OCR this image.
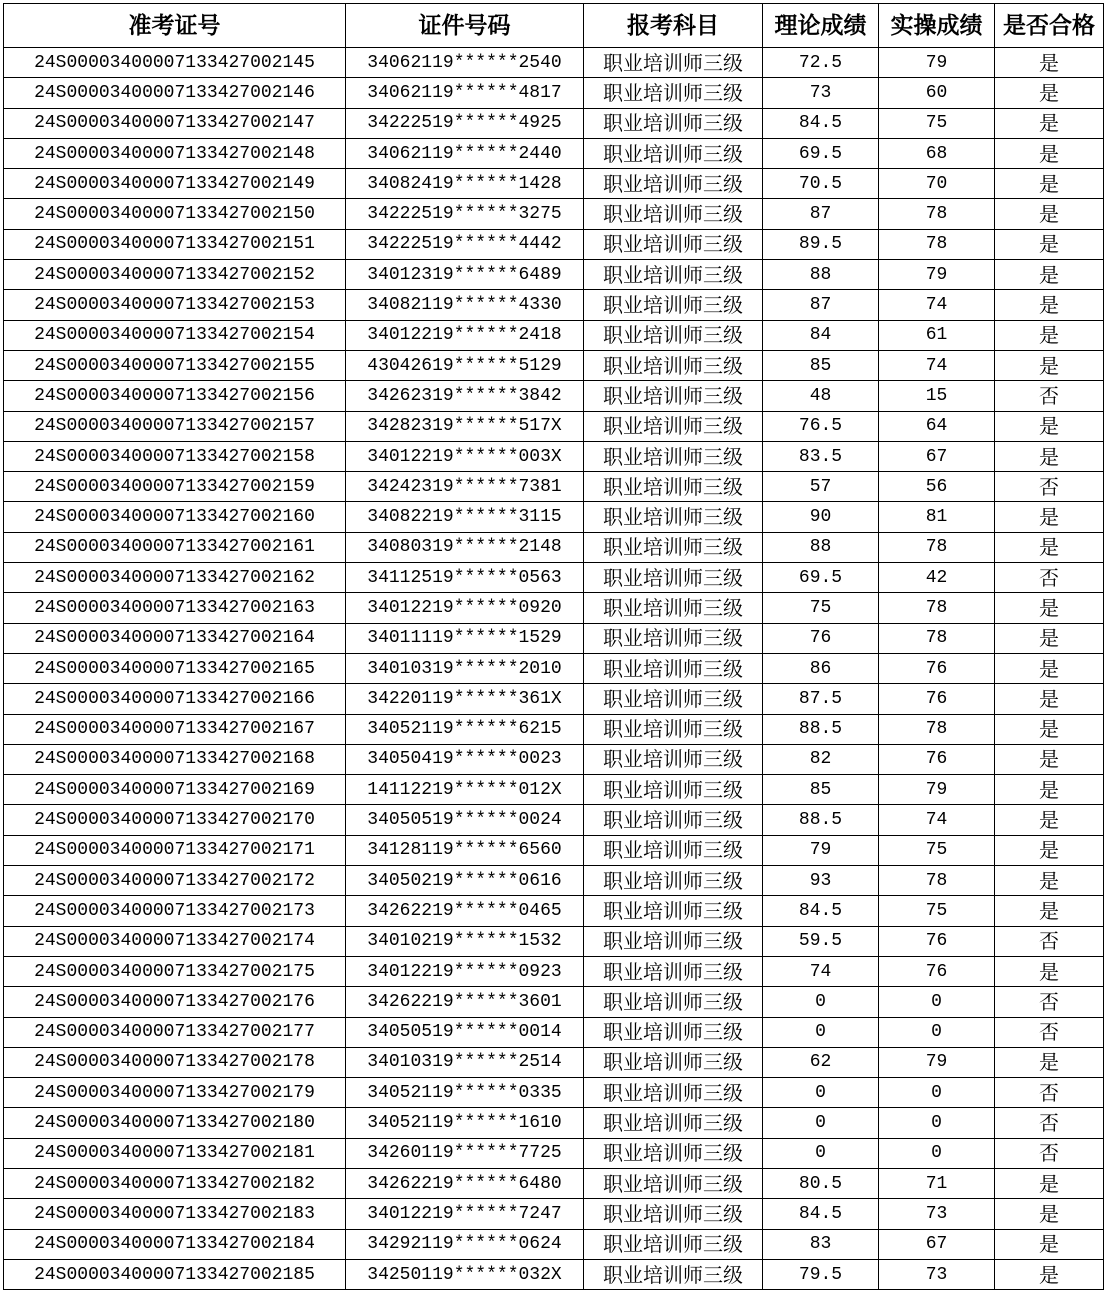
准考证号	证件号码	报考科目	理论成绩	实操成绩	是否合格
24S00003400007133427002145	34062119******2540	职业培训师三级	72.5	79	是
24S00003400007133427002146	34062119******4817	职业培训师三级	73	60	是
24S00003400007133427002147	34222519******4925	职业培训师三级	84.5	75	是
24S00003400007133427002148	34062119******2440	职业培训师三级	69.5	68	是
24S00003400007133427002149	34082419******1428	职业培训师三级	70.5	70	是
24S00003400007133427002150	34222519******3275	职业培训师三级	87	78	是
24S00003400007133427002151	34222519******4442	职业培训师三级	89.5	78	是
24S00003400007133427002152	34012319******6489	职业培训师三级	88	79	是
24S00003400007133427002153	34082119******4330	职业培训师三级	87	74	是
24S00003400007133427002154	34012219******2418	职业培训师三级	84	61	是
24S00003400007133427002155	43042619******5129	职业培训师三级	85	74	是
24S00003400007133427002156	34262319******3842	职业培训师三级	48	15	否
24S00003400007133427002157	34282319******517X	职业培训师三级	76.5	64	是
24S00003400007133427002158	34012219******003X	职业培训师三级	83.5	67	是
24S00003400007133427002159	34242319******7381	职业培训师三级	57	56	否
24S00003400007133427002160	34082219******3115	职业培训师三级	90	81	是
24S00003400007133427002161	34080319******2148	职业培训师三级	88	78	是
24S00003400007133427002162	34112519******0563	职业培训师三级	69.5	42	否
24S00003400007133427002163	34012219******0920	职业培训师三级	75	78	是
24S00003400007133427002164	34011119******1529	职业培训师三级	76	78	是
24S00003400007133427002165	34010319******2010	职业培训师三级	86	76	是
24S00003400007133427002166	34220119******361X	职业培训师三级	87.5	76	是
24S00003400007133427002167	34052119******6215	职业培训师三级	88.5	78	是
24S00003400007133427002168	34050419******0023	职业培训师三级	82	76	是
24S00003400007133427002169	14112219******012X	职业培训师三级	85	79	是
24S00003400007133427002170	34050519******0024	职业培训师三级	88.5	74	是
24S00003400007133427002171	34128119******6560	职业培训师三级	79	75	是
24S00003400007133427002172	34050219******0616	职业培训师三级	93	78	是
24S00003400007133427002173	34262219******0465	职业培训师三级	84.5	75	是
24S00003400007133427002174	34010219******1532	职业培训师三级	59.5	76	否
24S00003400007133427002175	34012219******0923	职业培训师三级	74	76	是
24S00003400007133427002176	34262219******3601	职业培训师三级	0	0	否
24S00003400007133427002177	34050519******0014	职业培训师三级	0	0	否
24S00003400007133427002178	34010319******2514	职业培训师三级	62	79	是
24S00003400007133427002179	34052119******0335	职业培训师三级	0	0	否
24S00003400007133427002180	34052119******1610	职业培训师三级	0	0	否
24S00003400007133427002181	34260119******7725	职业培训师三级	0	0	否
24S00003400007133427002182	34262219******6480	职业培训师三级	80.5	71	是
24S00003400007133427002183	34012219******7247	职业培训师三级	84.5	73	是
24S00003400007133427002184	34292119******0624	职业培训师三级	83	67	是
24S00003400007133427002185	34250119******032X	职业培训师三级	79.5	73	是
